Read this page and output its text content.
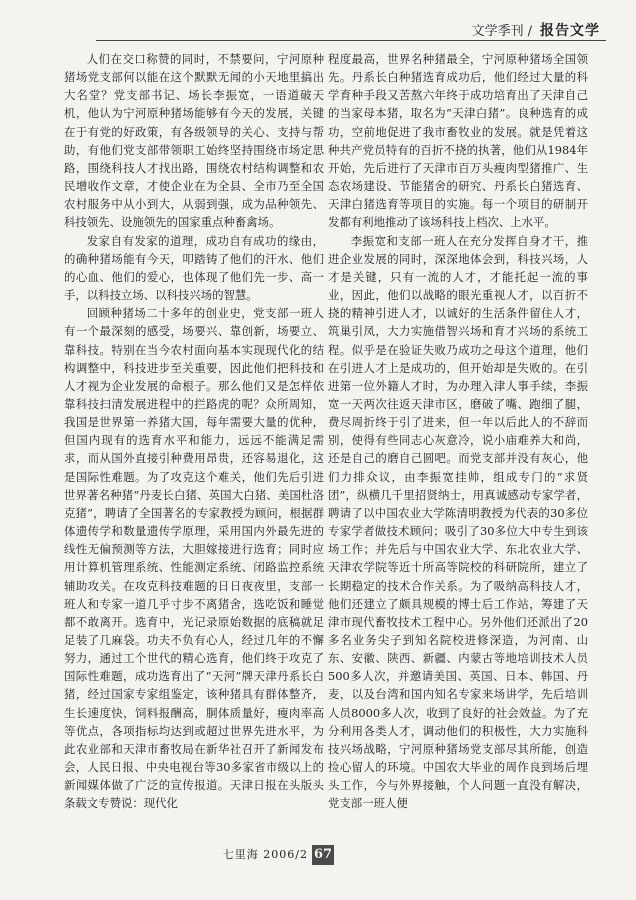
文学季刊 / 报告文学

人们在交口称赞的同时，不禁要问，宁河原种猪场党支部何以能在这个默默无闻的小天地里搞出大名堂？党支部书记、场长李振宽，一语道破天机，他认为宁河原种猪场能够有今天的发展，关键在于有党的好政策，有各级领导的关心、支持与帮助，有他们党支部带领职工始终坚持围绕市场定思路，围绕科技人才找出路，围绕农村结构调整和农民增收作文章，才使企业在为全县、全市乃至全国农村服务中从小到大，从弱到强，成为品种领先、科技领先、设施领先的国家重点种畜禽场。

发家自有发家的道理，成功自有成功的缘由，的确种猪场能有今天，叩踏铸了他们的汗水、他们的心血、他们的爱心，也体现了他们先一步、高一手，以科技立场、以科技兴场的智慧。

回顾种猪场二十多年的创业史，党支部一班人有一个最深刻的感受，场要兴、靠创新，场要立、靠科技。特别在当今农村面向基本实现现代化的结构调整中，科技进步至关重要，因此他们把科技和人才视为企业发展的命根子。那么他们又是怎样依靠科技扫清发展进程中的拦路虎的呢？众所周知，我国是世界第一养猪大国，每年需要大量的优种，但国内现有的选育水平和能力，远远不能满足需求，而从国外直接引种费用昂贵，还容易退化，这是国际性难题。为了攻克这个难关，他们先后引进世界著名种猪“丹麦长白猪、英国大白猪、美国杜洛克猪”，聘请了全国著名的专家教授为顾问，根据群体遗传学和数量遗传学原理，采用国内外最先进的线性无偏预测等方法，大胆嫁接进行选育；同时应用计算机管理系统、性能测定系统、闭路监控系统辅助攻关。在攻克科技难题的日日夜夜里，支部一班人和专家一道几乎寸步不离猪舍，选吃饭和睡觉都不敢离开。选育中，光记录原始数据的底稿就足足装了几麻袋。功夫不负有心人，经过几年的不懈努力，通过工个世代的精心选育，他们终于攻克了国际性难题，成功选育出了“天河”牌天津丹系长白猪，经过国家专家组鉴定，该种猪具有群体整齐，生长速度快，饲料报酬高，胴体质量好，瘦肉率高等优点，各项指标均达到或超过世界先进水平，为此农业部和天津市畜牧局在新华社召开了新闻发布会，人民日报、中央电视台等30多家省市级以上的新闻媒体做了广泛的宣传报道。天津日报在头版头条载文专赞说：现代化

程度最高，世界名种猪最全，宁河原种猪场全国领先。丹系长白种猪选育成功后，他们经过大量的科学育种手段又苦熬六年终于成功培育出了天津自己的当家母本猪，取名为“天津白猪”。良种选育的成功，空前地促进了我市畜牧业的发展。就是凭着这种共产党员特有的百折不挠的执著，他们从1984年开始，先后进行了天津市百万头瘦肉型猪推广、生态农场建设、节能猪舍的研究、丹系长白猪选育、天津白猪选育等项目的实施。每一个项目的研制开发都有利地推动了该场科技上档次、上水平。

李振宽和支部一班人在充分发挥自身才干，推进企业发展的同时，深深地体会到，科技兴场，人才是关键，只有一流的人才，才能托起一流的事业，因此，他们以战略的眼光重视人才，以百折不挠的精神引进人才，以诚好的生活条件留住人才，筑巢引凤，大力实施借智兴场和育才兴场的系统工程。似乎是在验证失败乃成功之母这个道理，他们在引进人才上是成功的，但开始却是失败的。在引进第一位外籍人才时，为办理入津人事手续，李振宽一天两次往返天津市区，磨破了嘴、跑细了腿，费尽周折终于引了进来，但一年以后此人的不辞而别，使得有些同志心灰意冷，说小庙难养大和尚，还是自己的磨自己圆吧。而党支部并没有灰心，他们力排众议，由李振宽挂帅，组成专门的“求贤团”，纵横几千里招贤纳士，用真诚感动专家学者，聘请了以中国农业大学陈清明教授为代表的30多位专家学者做技术顾问；吸引了30多位大中专生到该场工作；并先后与中国农业大学、东北农业大学、天津农学院等近十所高等院校的科研院所，建立了长期稳定的技术合作关系。为了吸纳高科技人才，他们还建立了颇具规模的博士后工作站，筹建了天津市现代畜牧技术工程中心。另外他们还派出了20多名业务尖子到知名院校进修深造，为河南、山东、安徽、陕西、新疆、内蒙古等地培训技术人员500多人次，并邀请美国、英国、日本、韩国、丹麦，以及台湾和国内知名专家来场讲学，先后培训人员8000多人次，收到了良好的社会效益。为了充分利用各类人才，调动他们的积极性，大力实施科技兴场战略，宁河原种猪场党支部尽其所能，创造捡心留人的环境。中国农大毕业的周作良到场后埋头工作，今与外界接触，个人问题一直没有解决，党支部一班人便

七里海 2006/2 67
